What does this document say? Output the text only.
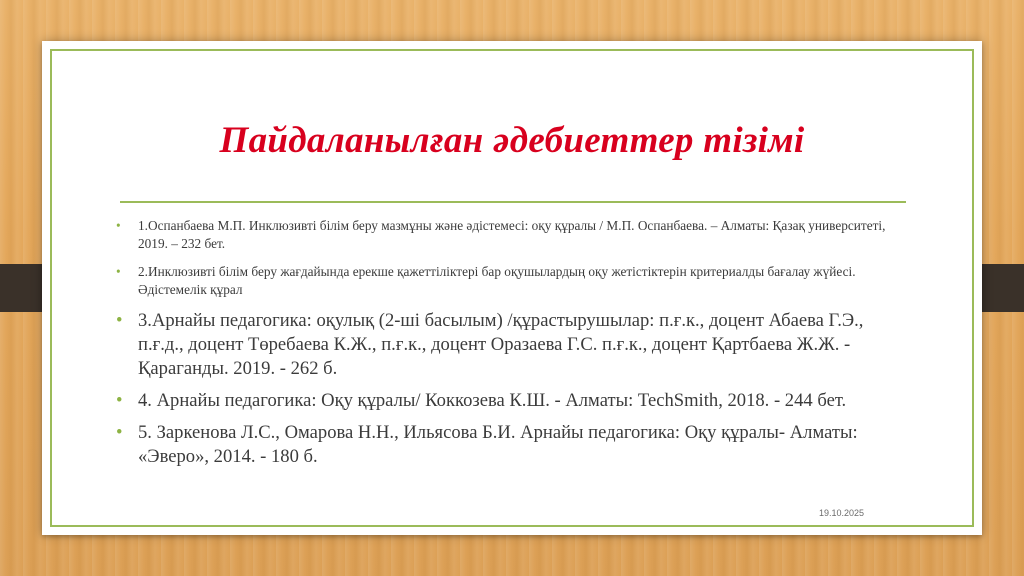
Пайдаланылған әдебиеттер тізімі
• 1.Оспанбаева М.П. Инклюзивті білім беру мазмұны және әдістемесі: оқу құралы / М.П. Оспанбаева. – Алматы: Қазақ университеті, 2019. – 232 бет.
• 2.Инклюзивті білім беру жағдайында ерекше қажеттіліктері бар оқушылардың оқу жетістіктерін критериалды бағалау жүйесі. Әдістемелік құрал
• 3.Арнайы педагогика: оқулық (2-ші басылым) /құрастырушылар: п.ғ.к., доцент Абаева Г.Э., п.ғ.д., доцент Төребаева К.Ж., п.ғ.к., доцент Оразаева Г.С. п.ғ.к., доцент Қартбаева Ж.Ж. - Қараганды. 2019. - 262 б.
• 4. Арнайы педагогика: Оқу құралы/ Коккозева К.Ш. - Алматы: TechSmith, 2018. - 244 бет.
• 5. Заркенова Л.С., Омарова Н.Н., Ильясова Б.И. Арнайы педагогика: Оқу құралы- Алматы: «Эверо», 2014. - 180 б.
19.10.2025
